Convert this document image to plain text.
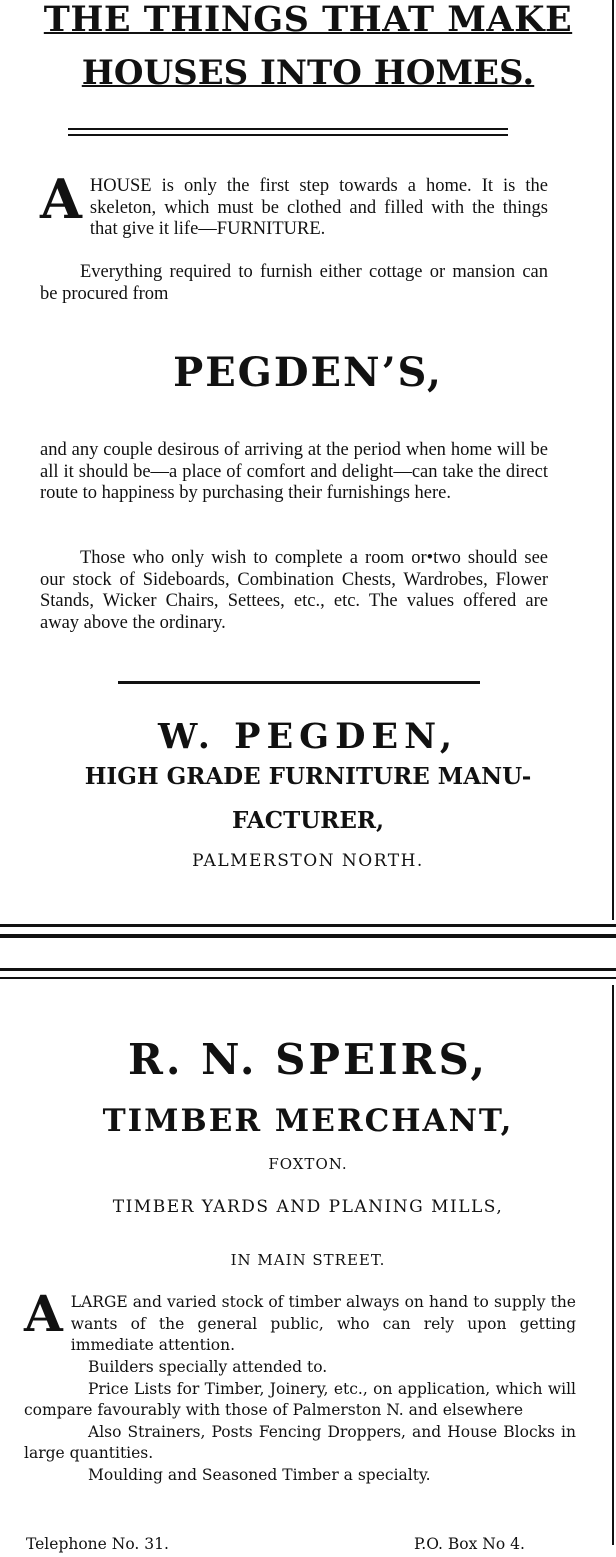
THE THINGS THAT MAKE
HOUSES INTO HOMES.
A HOUSE is only the first step towards a home. It is the skeleton, which must be clothed and filled with the things that give it life—FURNITURE.

Everything required to furnish either cottage or mansion can be procured from

PEGDEN’S,

and any couple desirous of arriving at the period when home will be all it should be—a place of comfort and delight—can take the direct route to happiness by purchasing their furnishings here.

Those who only wish to complete a room or•two should see our stock of Sideboards, Combination Chests, Wardrobes, Flower Stands, Wicker Chairs, Settees, etc., etc. The values offered are away above the ordinary.

W. PEGDEN,
HIGH GRADE FURNITURE MANU-
FACTURER,
PALMERSTON NORTH.
R. N. SPEIRS,
TIMBER MERCHANT,
FOXTON.
TIMBER YARDS AND PLANING MILLS,
IN MAIN STREET.
A LARGE and varied stock of timber always on hand to supply the wants of the general public, who can rely upon getting immediate attention.

Builders specially attended to.

Price Lists for Timber, Joinery, etc., on application, which will compare favourably with those of Palmerston N. and elsewhere

Also Strainers, Posts Fencing Droppers, and House Blocks in large quantities.

Moulding and Seasoned Timber a specialty.

Telephone No. 31.	P.O. Box No 4.
